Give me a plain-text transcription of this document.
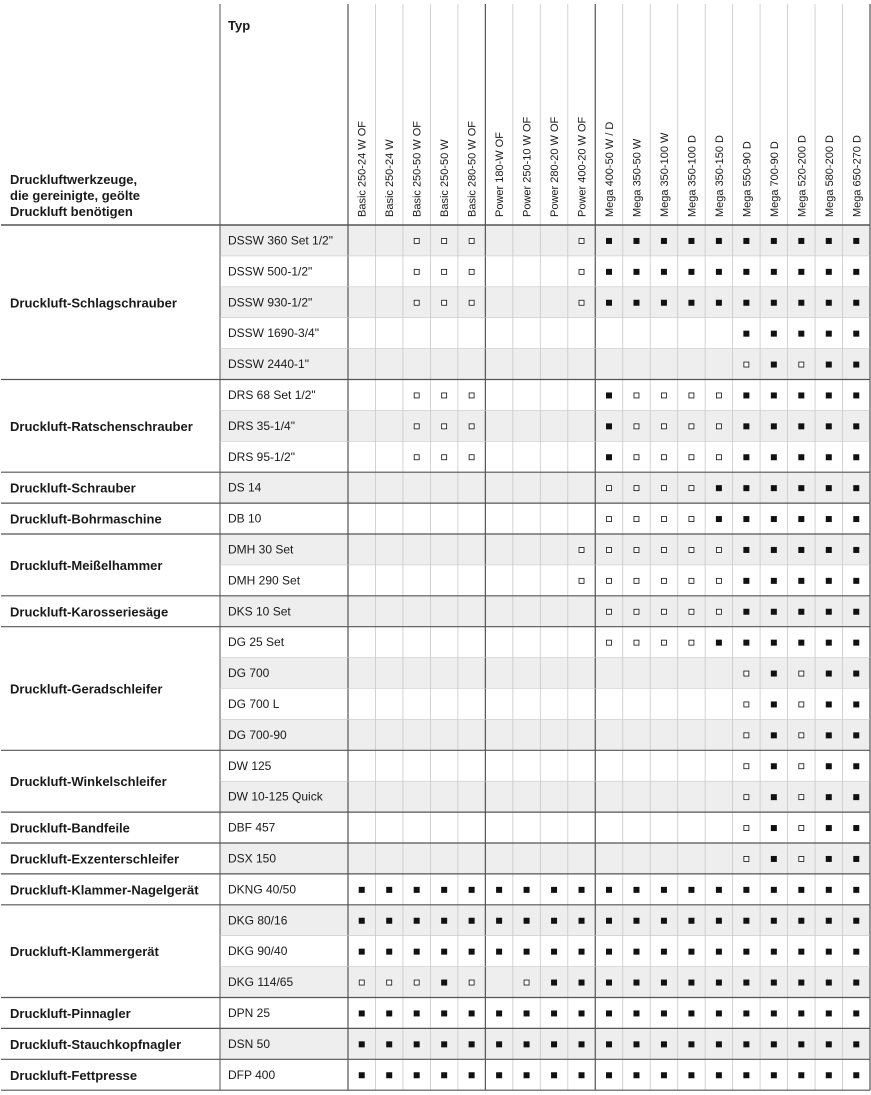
Typ
Druckluftwerkzeuge,
die gereinigte, geölte
Druckluft benötigen	Basic 250-24 W OF Basic 250-24 W Basic 250-50 W OF Basic 250-50 W Basic 280-50 W OF Power 180-W OF Power 250-10 W OF Power 280-20 W OF Power 400-20 W OF Mega 400-50 W / D Mega 350-50 W Mega 350-100 W Mega 350-100 D Mega 350-150 D Mega 550-90 D Mega 700-90 D Mega 520-200 D Mega 580-200 D Mega 650-270 D
DSSW 360 Set 1/2"
DSSW 500-1/2"
DSSW 930-1/2"
DSSW 1690-3/4"
DSSW 2440-1"
Druckluft-Schlagschrauber
DRS 68 Set 1/2"
DRS 35-1/4"
DRS 95-1/2"
Druckluft-Ratschenschrauber
DS 14
Druckluft-Schrauber
DB 10
Druckluft-Bohrmaschine
DMH 30 Set
DMH 290 Set
Druckluft-Meißelhammer
DKS 10 Set
Druckluft-Karosseriesäge
DG 25 Set
DG 700
DG 700 L
DG 700-90
Druckluft-Geradschleifer
DW 125
DW 10-125 Quick
Druckluft-Winkelschleifer
DBF 457
Druckluft-Bandfeile
DSX 150
Druckluft-Exzenterschleifer
DKNG 40/50
Druckluft-Klammer-Nagelgerät
DKG 80/16
DKG 90/40
DKG 114/65
Druckluft-Klammergerät
DPN 25
Druckluft-Pinnagler
DSN 50
Druckluft-Stauchkopfnagler
DFP 400
Druckluft-Fettpresse
